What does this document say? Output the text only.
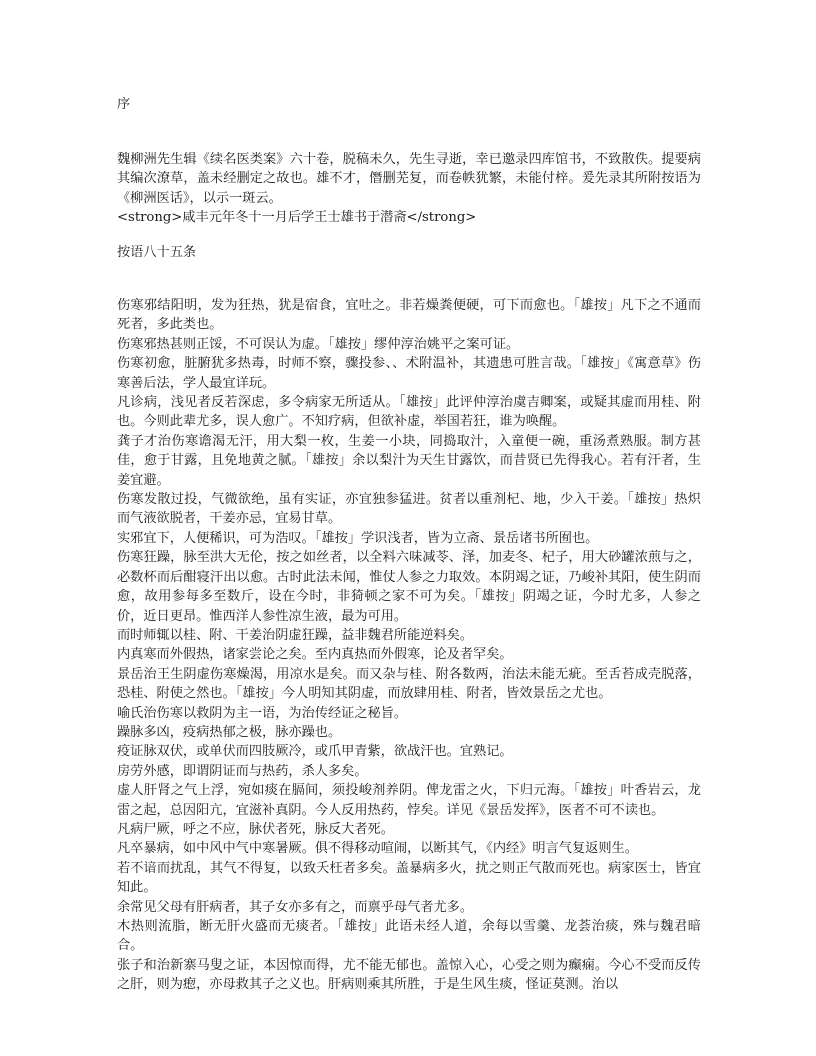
序

魏柳洲先生辑《续名医类案》六十卷，脱稿未久，先生寻逝，幸已邀录四库馆书，不致散佚。提要病其编次潦草，盖未经删定之故也。雄不才，僭删芜复，而卷帙犹繁，未能付梓。爰先录其所附按语为《柳洲医话》，以示一斑云。

<strong>咸丰元年冬十一月后学王士雄书于潜斋</strong>

按语八十五条

伤寒邪结阳明，发为狂热，犹是宿食，宜吐之。非若燥粪便硬，可下而愈也。「雄按」凡下之不通而死者，多此类也。

伤寒邪热甚则正馁，不可误认为虚。「雄按」缪仲淳治姚平之案可证。

伤寒初愈，脏腑犹多热毒，时师不察，骤投参、、术附温补，其遗患可胜言哉。「雄按」《寓意草》伤寒善后法，学人最宜详玩。

凡诊病，浅见者反若深虑，多令病家无所适从。「雄按」此评仲淳治虞吉卿案，或疑其虚而用桂、附也。今则此辈尤多，误人愈广。不知疗病，但欲补虚，举国若狂，谁为唤醒。

龚子才治伤寒谵渴无汗，用大梨一枚，生姜一小块，同捣取汁，入童便一碗，重汤煮熟服。制方甚佳，愈于甘露，且免地黄之腻。「雄按」余以梨汁为天生甘露饮，而昔贤已先得我心。若有汗者，生姜宜避。

伤寒发散过投，气微欲绝，虽有实证，亦宜独参猛进。贫者以重剂杞、地，少入干姜。「雄按」热炽而气液欲脱者，干姜亦忌，宜易甘草。

实邪宜下，人便稀识，可为浩叹。「雄按」学识浅者，皆为立斋、景岳诸书所囿也。

伤寒狂躁，脉至洪大无伦，按之如丝者，以全料六味减苓、泽，加麦冬、杞子，用大砂罐浓煎与之，必数杯而后酣寝汗出以愈。古时此法未闻，惟仗人参之力取效。本阴竭之证，乃峻补其阳，使生阴而愈，故用参每多至数斤，设在今时，非猗顿之家不可为矣。「雄按」阴竭之证，今时尤多，人参之价，近日更昂。惟西洋人参性凉生液，最为可用。

而时师辄以桂、附、干姜治阴虚狂躁，益非魏君所能逆料矣。

内真寒而外假热，诸家尝论之矣。至内真热而外假寒，论及者罕矣。

景岳治王生阴虚伤寒燥渴，用凉水是矣。而又杂与桂、附各数两，治法未能无疵。至舌苔成壳脱落，恐桂、附使之然也。「雄按」今人明知其阴虚，而放肆用桂、附者，皆效景岳之尤也。

喻氏治伤寒以救阴为主一语，为治传经证之秘旨。

躁脉多凶，疫病热郁之极，脉亦躁也。

疫证脉双伏，或单伏而四肢厥冷，或爪甲青紫，欲战汗也。宜熟记。

房劳外感，即谓阴证而与热药，杀人多矣。

虚人肝肾之气上浮，宛如痰在膈间，须投峻剂养阴。俾龙雷之火，下归元海。「雄按」叶香岩云，龙雷之起，总因阳亢，宜滋补真阴。今人反用热药，悖矣。详见《景岳发挥》，医者不可不读也。

凡病尸厥，呼之不应，脉伏者死，脉反大者死。

凡卒暴病，如中风中气中寒暑厥。俱不得移动喧闹，以断其气，《内经》明言气复返则生。

若不谙而扰乱，其气不得复，以致夭枉者多矣。盖暴病多火，扰之则正气散而死也。病家医士，皆宜知此。

余常见父母有肝病者，其子女亦多有之，而禀乎母气者尤多。

木热则流脂，断无肝火盛而无痰者。「雄按」此语未经人道，余每以雪羹、龙荟治痰，殊与魏君暗合。

张子和治新寨马叟之证，本因惊而得，尤不能无郁也。盖惊入心，心受之则为癫痫。今心不受而反传之肝，则为瘛，亦母救其子之义也。肝病则乘其所胜，于是生风生痰，怪证莫测。治以
